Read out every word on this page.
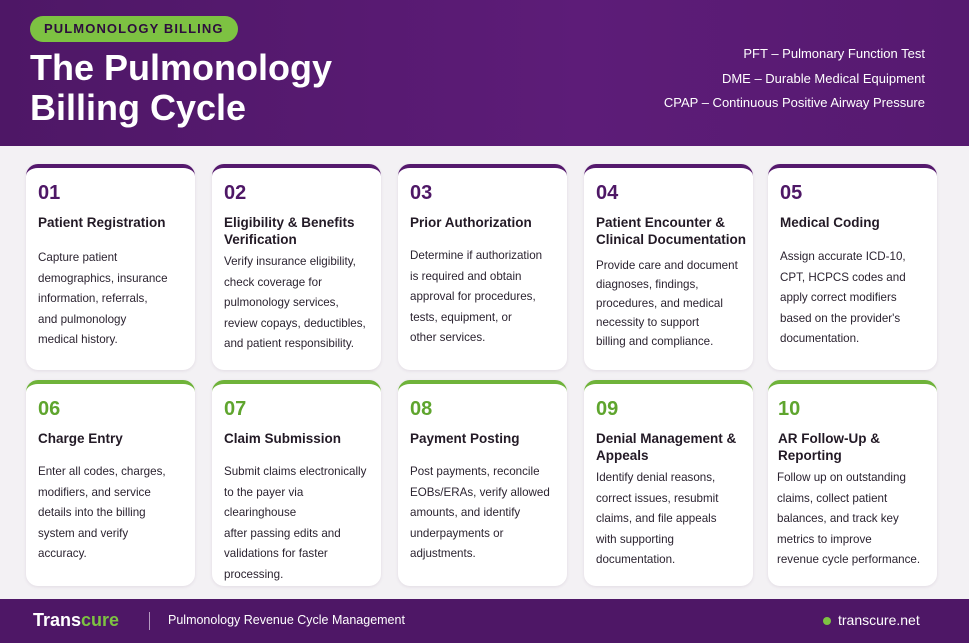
PULMONOLOGY BILLING
The Pulmonology
Billing Cycle
PFT – Pulmonary Function Test
DME – Durable Medical Equipment
CPAP – Continuous Positive Airway Pressure
01
Patient Registration
Capture patient
demographics, insurance
information, referrals,
and pulmonology
medical history.
02
Eligibility & Benefits Verification
Verify insurance eligibility,
check coverage for
pulmonology services,
review copays, deductibles,
and patient responsibility.
03
Prior Authorization
Determine if authorization
is required and obtain
approval for procedures,
tests, equipment, or
other services.
04
Patient Encounter & Clinical Documentation
Provide care and document
diagnoses, findings,
procedures, and medical
necessity to support
billing and compliance.
05
Medical Coding
Assign accurate ICD-10,
CPT, HCPCS codes and
apply correct modifiers
based on the provider's
documentation.
06
Charge Entry
Enter all codes, charges,
modifiers, and service
details into the billing
system and verify
accuracy.
07
Claim Submission
Submit claims electronically
to the payer via clearinghouse
after passing edits and
validations for faster
processing.
08
Payment Posting
Post payments, reconcile
EOBs/ERAs, verify allowed
amounts, and identify
underpayments or
adjustments.
09
Denial Management & Appeals
Identify denial reasons,
correct issues, resubmit
claims, and file appeals
with supporting
documentation.
10
AR Follow-Up & Reporting
Follow up on outstanding
claims, collect patient
balances, and track key
metrics to improve
revenue cycle performance.
Transcure	Pulmonology Revenue Cycle Management	transcure.net
